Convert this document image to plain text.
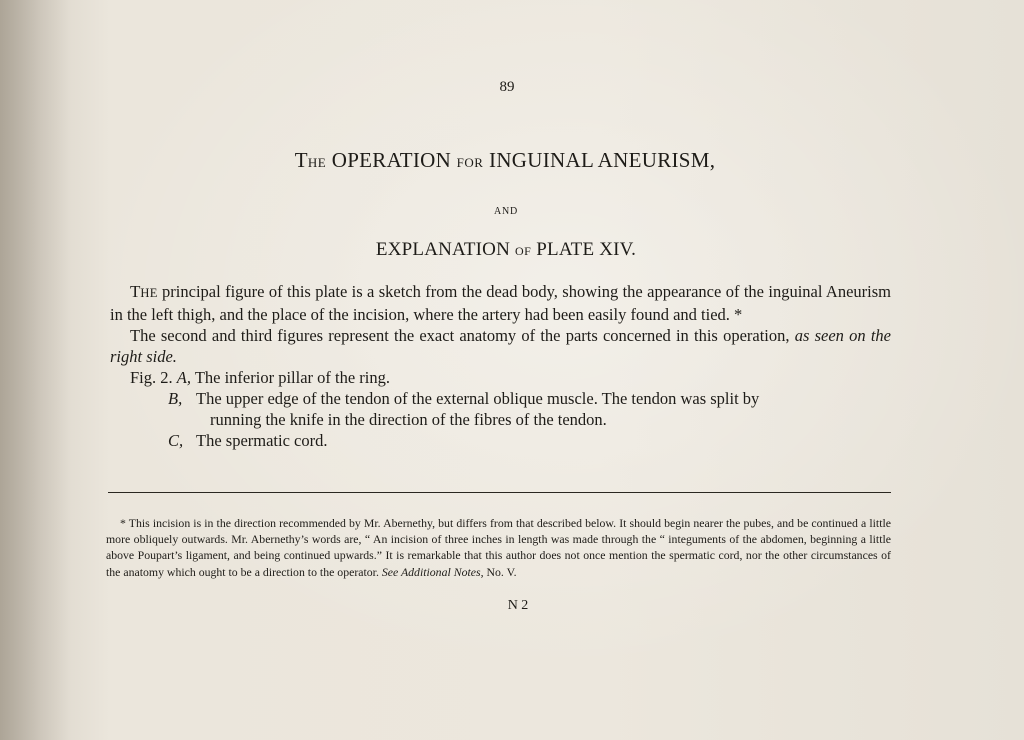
89
THE OPERATION FOR INGUINAL ANEURISM,
AND
EXPLANATION OF PLATE XIV.

THE principal figure of this plate is a sketch from the dead body, showing the appearance of the inguinal Aneurism in the left thigh, and the place of the incision, where the artery had been easily found and tied. *

The second and third figures represent the exact anatomy of the parts concerned in this operation, as seen on the right side.

Fig. 2. A, The inferior pillar of the ring.

B, The upper edge of the tendon of the external oblique muscle. The tendon was split by
running the knife in the direction of the fibres of the tendon.
C, The spermatic cord.

* This incision is in the direction recommended by Mr. Abernethy, but differs from that described below. It should begin nearer the pubes, and be continued a little more obliquely outwards. Mr. Abernethy’s words are, “ An incision of three inches in length was made through the “ integuments of the abdomen, beginning a little above Poupart’s ligament, and being continued upwards.” It is remarkable that this author does not once mention the spermatic cord, nor the other circumstances of the anatomy which ought to be a direction to the operator. See Additional Notes, No. V.

N 2
